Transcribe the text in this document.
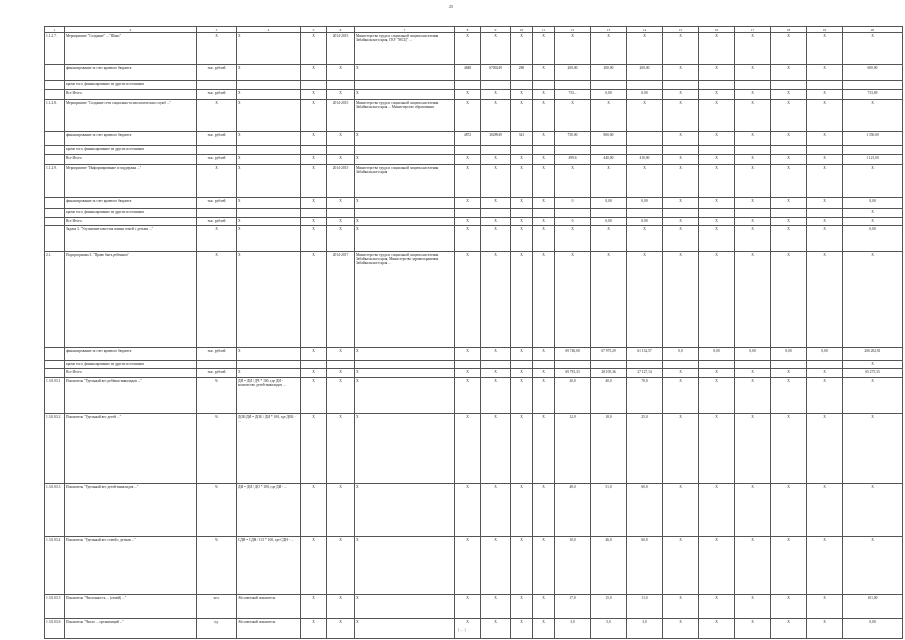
25
1	2	3	4	5	6	7	8	9	10	11	12	13	14	15	16	17	18	19	20
1.1.2.7.	Мероприятие "Создание" ... "Шанс"	X	X	X	2014-2015	Министерство труда и социальной защиты населения Забайкальского края, ГКУ "МСЦ" ...	X	X	X	X	X	X	X	X	X	X	X	X	X
	финансирование за счет краевого бюджета	тыс. рублей	X	X	X	X	4848	6700249	280	X	200,00	200,00	200,00	X	X	X	X	X	600,00
	кроме того, финансирование из других источников																		
	Все Итого	тыс. рублей	X	X	X	X	X	X	X	X	733,..	0,00	0,00	X	X	X	X	X	733,69
1.1.2.8.	Мероприятие "Создание сети социально-психологических служб ..."	X	X	X	2014-2015	Министерство труда и социальной защиты населения Забайкальского края ... Министерство образования	X	X	X	X	X	X	X	X	X	X	X	X	X
	финансирование за счет краевого бюджета	тыс. рублей	X	X	X	X	4872	3028949	341	X	750,00	800,00		X	X	X	X	X	1 350,00
	кроме того, финансирование из других источников																		
	Все Итого	тыс. рублей	X	X	X	X	X	X	X	X	499,6	440,00	410,00	X	X	X	X	X	1 121,00
1.1.2.9.	Мероприятие "Информирование и поддержка ..."	X	X	X	2014-2015	Министерство труда и социальной защиты населения Забайкальского края	X	X	X	X	X	X	X	X	X	X	X	X	X
	финансирование за счет краевого бюджета	тыс. рублей	X	X	X	X	X	X	X	X	0	0,00	0,00	X	X	X	X	X	0,00
	кроме того, финансирование из других источников																		X
	Все Итого	тыс. рублей	X	X	X	X	X	X	X	X	0	0,00	0,00	X	X	X	X	X	X
	Задача 3. "Улучшение качества жизни семей с детьми ..."	X	X	X	X	X	X	X	X	X	X	X	X	X	X	X	X	X	0,00
2.1.	Подпрограмма 3. "Право быть ребенком"	X	X	X	2014-2017	Министерство труда и социальной защиты населения Забайкальского края, Министерство здравоохранения Забайкальского края ...	X	X	X	X	X	X	X	X	X	X	X	X	X
	финансирование за счет краевого бюджета	тыс. рублей	X	X	X	X	X	X	X	X	69 740,00	67 975,29	61 132,57	0,0	0,00	0,00	0,00	0,00	206 202,81
	кроме того, финансирование из других источников																		X
	Все Итого	тыс. рублей	X	X	X	X	X	X	X	X	69 781,33	28 105,36	27 127,14	X	X	X	X	X	65 275,33
1.3.0.03.1	Показатель "Удельный вес ребёнка-инвалидов ..."	%	ДИ = ДИ / ДЧ * 100, где ДИ - количество детей-инвалидов ...	X	X	X	X	X	X	X	20,0	40,0	70,0	X	X	X	X	X	X
1.3.0.03.2	Показатель "Удельный вес детей ..."	%	ДОБ/ДИ = ДОБ / ДИ * 100, где ДОБ - ...	X	X	X	X	X	X	X	12,9	18,0	25,0	X	X	X	X	X	X
1.3.0.03.3	Показатель "Удельный вес детей-инвалидов ..."	%	ДИ = ДИ / ДО * 100, где ДИ - ...	X	X	X	X	X	X	X	48,0	51,0	60,0	X	X	X	X	X	X
1.3.0.03.4	Показатель "Удельный вес семей с детьми ..."	%	СДН = СДН / СО * 100, где СДН - ...	X	X	X	X	X	X	X	10,0	46,0	60,0	X	X	X	X	X	X
1.3.0.03.5	Показатель "Численность ... (семей) ..."	чел.	Абсолютный показатель	X	X	X	X	X	X	X	17,0	15,0	11,0	X	X	X	X	X	101,00
1.3.0.03.6	Показатель "Число ... организаций ..."	ед.	Абсолютный показатель	X	X	X	X	X	X	X	3,0	5,0	3,0	X	X	X	X	X	0,00
( ... )
